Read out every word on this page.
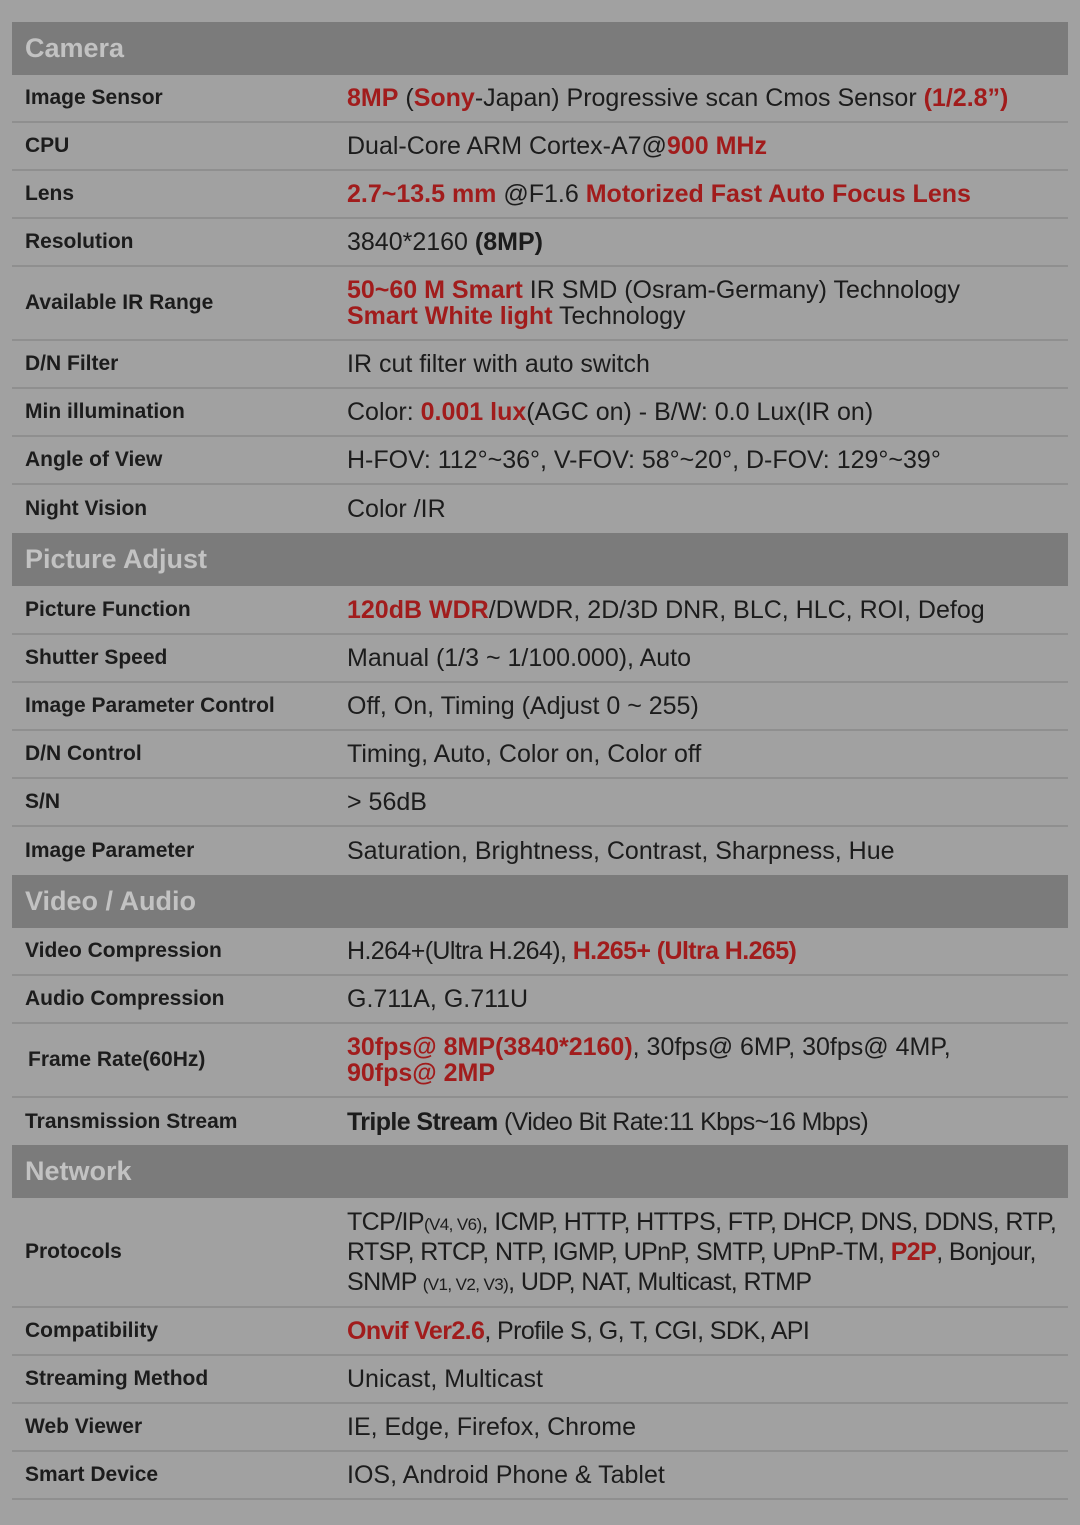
Camera
Image Sensor	8MP (Sony-Japan) Progressive scan Cmos Sensor (1/2.8”)
CPU	Dual-Core ARM Cortex-A7@900 MHz
Lens	2.7~13.5 mm @F1.6 Motorized Fast Auto Focus Lens
Resolution	3840*2160 (8MP)
Available IR Range	50~60 M Smart IR SMD (Osram-Germany) Technology
Smart White light Technology
D/N Filter	IR cut filter with auto switch
Min illumination	Color: 0.001 lux(AGC on) - B/W: 0.0 Lux(IR on)
Angle of View	H-FOV: 112°~36°, V-FOV: 58°~20°, D-FOV: 129°~39°
Night Vision	Color /IR
Picture Adjust
Picture Function	120dB WDR/DWDR, 2D/3D DNR, BLC, HLC, ROI, Defog
Shutter Speed	Manual (1/3 ~ 1/100.000), Auto
Image Parameter Control	Off, On, Timing (Adjust 0 ~ 255)
D/N Control	Timing, Auto, Color on, Color off
S/N	> 56dB
Image Parameter	Saturation, Brightness, Contrast, Sharpness, Hue
Video / Audio
Video Compression	H.264+(Ultra H.264), H.265+ (Ultra H.265)
Audio Compression	G.711A, G.711U
Frame Rate(60Hz)	30fps@ 8MP(3840*2160), 30fps@ 6MP, 30fps@ 4MP,
90fps@ 2MP
Transmission Stream	Triple Stream (Video Bit Rate:11 Kbps~16 Mbps)
Network
Protocols
TCP/IP(V4, V6), ICMP, HTTP, HTTPS, FTP, DHCP, DNS, DDNS, RTP,
RTSP, RTCP, NTP, IGMP, UPnP, SMTP, UPnP-TM, P2P, Bonjour,
SNMP (V1, V2, V3), UDP, NAT, Multicast, RTMP
Compatibility	Onvif Ver2.6, Profile S, G, T, CGI, SDK, API
Streaming Method	Unicast, Multicast
Web Viewer	IE, Edge, Firefox, Chrome
Smart Device	IOS, Android Phone & Tablet
